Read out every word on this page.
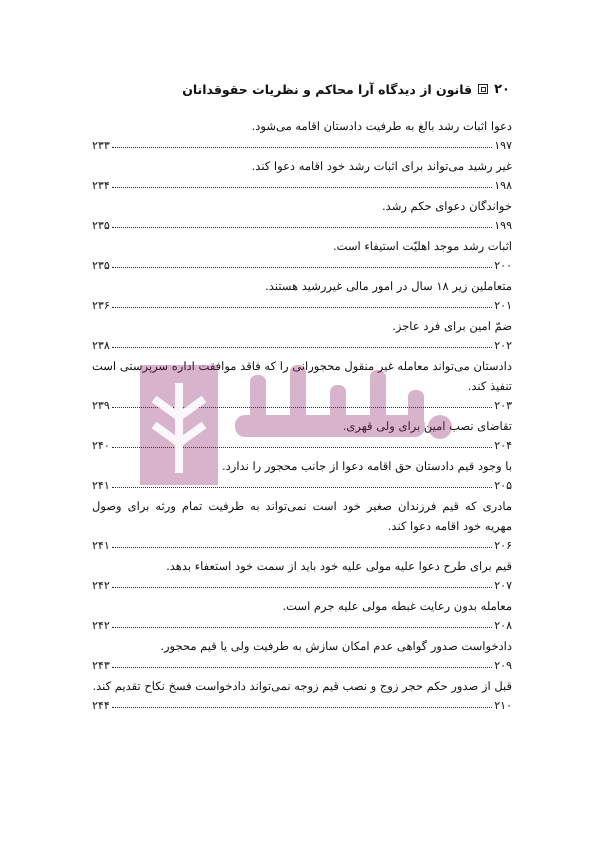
۲۰
قانون از دیدگاه آرا محاکم و نظریات حقوقدانان
دعوا اثبات رشد بالغ به طرفیت دادستان اقامه می‌شود.
۱۹۷
۲۳۳
غیر رشید می‌تواند برای اثبات رشد خود اقامه دعوا کند.
۱۹۸
۲۳۴
خواندگان دعوای حکم رشد.
۱۹۹
۲۳۵
اثبات رشد موجد اهلیّت استیفاء است.
۲۰۰
۲۳۵
متعاملین زیر ۱۸ سال در امور مالی غیررشید هستند.
۲۰۱
۲۳۶
ضمّ امین برای فرد عاجز.
۲۰۲
۲۳۸
دادستان می‌تواند معامله غیر منقول محجورانی را که فاقد موافقت اداره سرپرستی است تنفیذ کند.
۲۰۳
۲۳۹
تقاضای نصب امین برای ولی قهری.
۲۰۴
۲۴۰
با وجود قیم دادستان حق اقامه دعوا از جانب محجور را ندارد.
۲۰۵
۲۴۱
مادری که قیم فرزندان صغیر خود است نمی‌تواند به طرفیت تمام ورثه برای وصول مهریه خود اقامه دعوا کند.
۲۰۶
۲۴۱
قیم برای طرح دعوا علیه مولی علیه خود باید از سمت خود استعفاء بدهد.
۲۰۷
۲۴۲
معامله بدون رعایت غبطه مولی علیه جرم است.
۲۰۸
۲۴۲
دادخواست صدور گواهی عدم امکان سازش به طرفیت ولی یا قیم محجور.
۲۰۹
۲۴۳
قبل از صدور حکم حجر زوج و نصب قیم زوجه نمی‌تواند دادخواست فسخ نکاح تقدیم کند.
۲۱۰
۲۴۴
